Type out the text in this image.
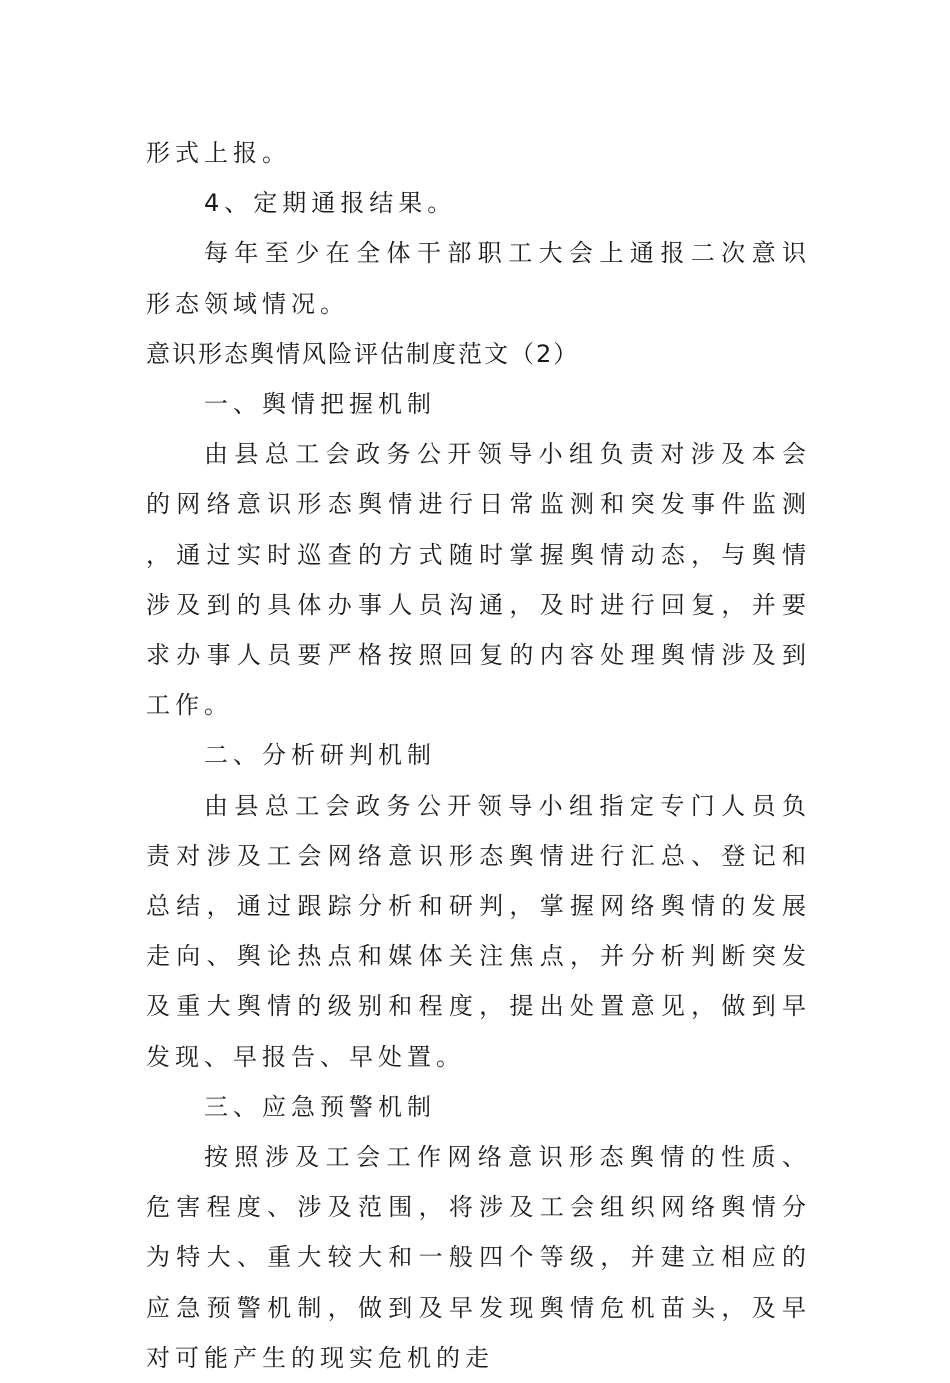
形式上报。

4、定期通报结果。

每年至少在全体干部职工大会上通报二次意识形态领域情况。

意识形态舆情风险评估制度范文（2）

一、舆情把握机制

由县总工会政务公开领导小组负责对涉及本会的网络意识形态舆情进行日常监测和突发事件监测，通过实时巡查的方式随时掌握舆情动态，与舆情涉及到的具体办事人员沟通，及时进行回复，并要求办事人员要严格按照回复的内容处理舆情涉及到工作。

二、分析研判机制

由县总工会政务公开领导小组指定专门人员负责对涉及工会网络意识形态舆情进行汇总、登记和总结，通过跟踪分析和研判，掌握网络舆情的发展走向、舆论热点和媒体关注焦点，并分析判断突发及重大舆情的级别和程度，提出处置意见，做到早发现、早报告、早处置。

三、应急预警机制

按照涉及工会工作网络意识形态舆情的性质、危害程度、涉及范围，将涉及工会组织网络舆情分为特大、重大较大和一般四个等级，并建立相应的应急预警机制，做到及早发现舆情危机苗头，及早对可能产生的现实危机的走
